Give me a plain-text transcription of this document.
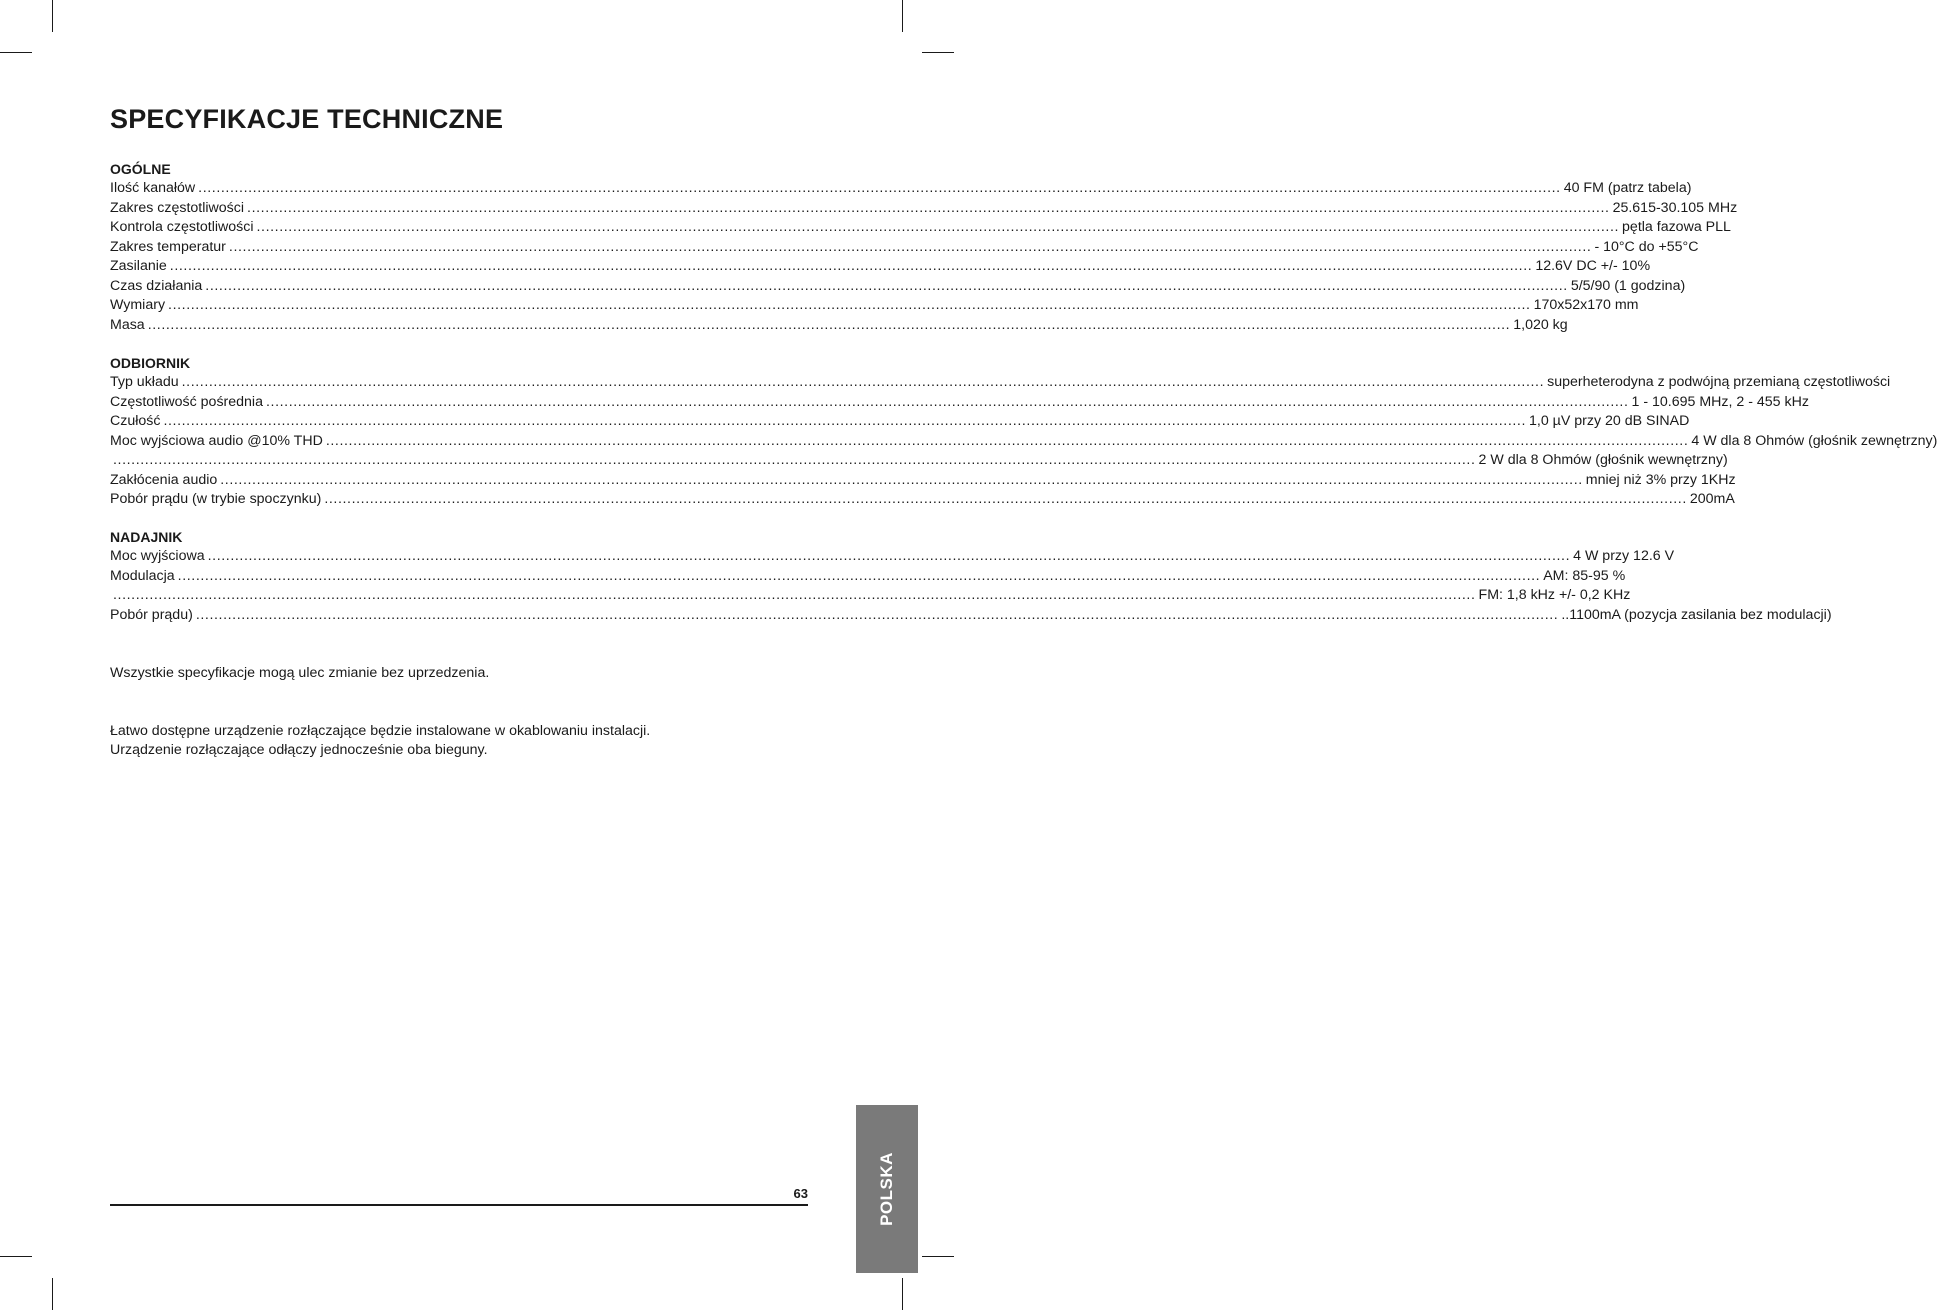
SPECYFIKACJE TECHNICZNE
OGÓLNE
Ilość kanałów ............................................................................................................................................................................................................................................................................................................ 40 FM (patrz tabela)
Zakres częstotliwości ............................................................................................................................................................................................................................................................................................................ 25.615-30.105 MHz
Kontrola częstotliwości ............................................................................................................................................................................................................................................................................................................ pętla fazowa PLL
Zakres temperatur ............................................................................................................................................................................................................................................................................................................ - 10°C do +55°C
Zasilanie ............................................................................................................................................................................................................................................................................................................ 12.6V DC +/- 10%
Czas działania ............................................................................................................................................................................................................................................................................................................ 5/5/90 (1 godzina)
Wymiary ............................................................................................................................................................................................................................................................................................................ 170x52x170 mm
Masa ............................................................................................................................................................................................................................................................................................................ 1,020 kg
ODBIORNIK
Typ układu ............................................................................................................................................................................................................................................................................................................ superheterodyna z podwójną przemianą częstotliwości
Częstotliwość pośrednia ............................................................................................................................................................................................................................................................................................................ 1 - 10.695 MHz, 2 - 455 kHz
Czułość ............................................................................................................................................................................................................................................................................................................ 1,0 µV przy 20 dB SINAD
Moc wyjściowa audio @10% THD ............................................................................................................................................................................................................................................................................................................ 4 W dla 8 Ohmów (głośnik zewnętrzny)
............................................................................................................................................................................................................................................................................................................ 2 W dla 8 Ohmów (głośnik wewnętrzny)
Zakłócenia audio ............................................................................................................................................................................................................................................................................................................ mniej niż 3% przy 1KHz
Pobór prądu (w trybie spoczynku) ............................................................................................................................................................................................................................................................................................................ 200mA
NADAJNIK
Moc wyjściowa ............................................................................................................................................................................................................................................................................................................ 4 W przy 12.6 V
Modulacja ............................................................................................................................................................................................................................................................................................................ AM: 85-95 %
............................................................................................................................................................................................................................................................................................................ FM: 1,8 kHz +/- 0,2 KHz
Pobór prądu) ............................................................................................................................................................................................................................................................................................................ ..1100mA (pozycja zasilania bez modulacji)

Wszystkie specyfikacje mogą ulec zmianie bez uprzedzenia.

Łatwo dostępne urządzenie rozłączające będzie instalowane w okablowaniu instalacji.

Urządzenie rozłączające odłączy jednocześnie oba bieguny.

63	POLSKA
